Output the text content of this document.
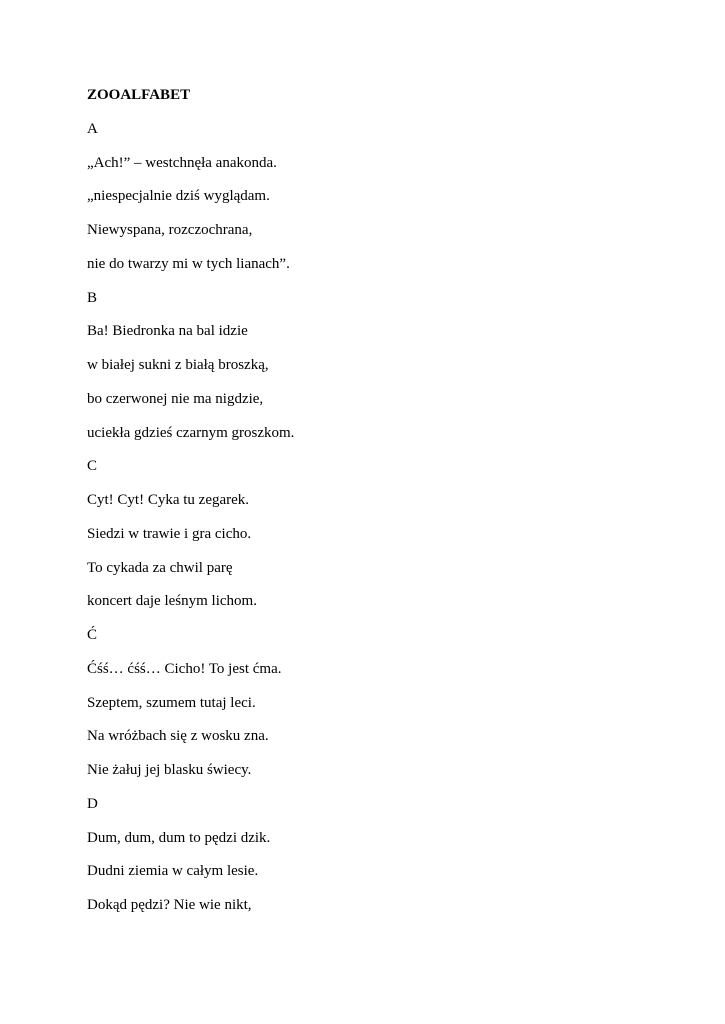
ZOOALFABET
A
„Ach!” – westchnęła anakonda.
„niespecjalnie dziś wyglądam.
Niewyspana, rozczochrana,
nie do twarzy mi w tych lianach”.
B
Ba! Biedronka na bal idzie
w białej sukni z białą broszką,
bo czerwonej nie ma nigdzie,
uciekła gdzieś czarnym groszkom.
C
Cyt! Cyt! Cyka tu zegarek.
Siedzi w trawie i gra cicho.
To cykada za chwil parę
koncert daje leśnym lichom.
Ć
Ćśś… ćśś… Cicho! To jest ćma.
Szeptem, szumem tutaj leci.
Na wróżbach się z wosku zna.
Nie żałuj jej blasku świecy.
D
Dum, dum, dum to pędzi dzik.
Dudni ziemia w całym lesie.
Dokąd pędzi? Nie wie nikt,
